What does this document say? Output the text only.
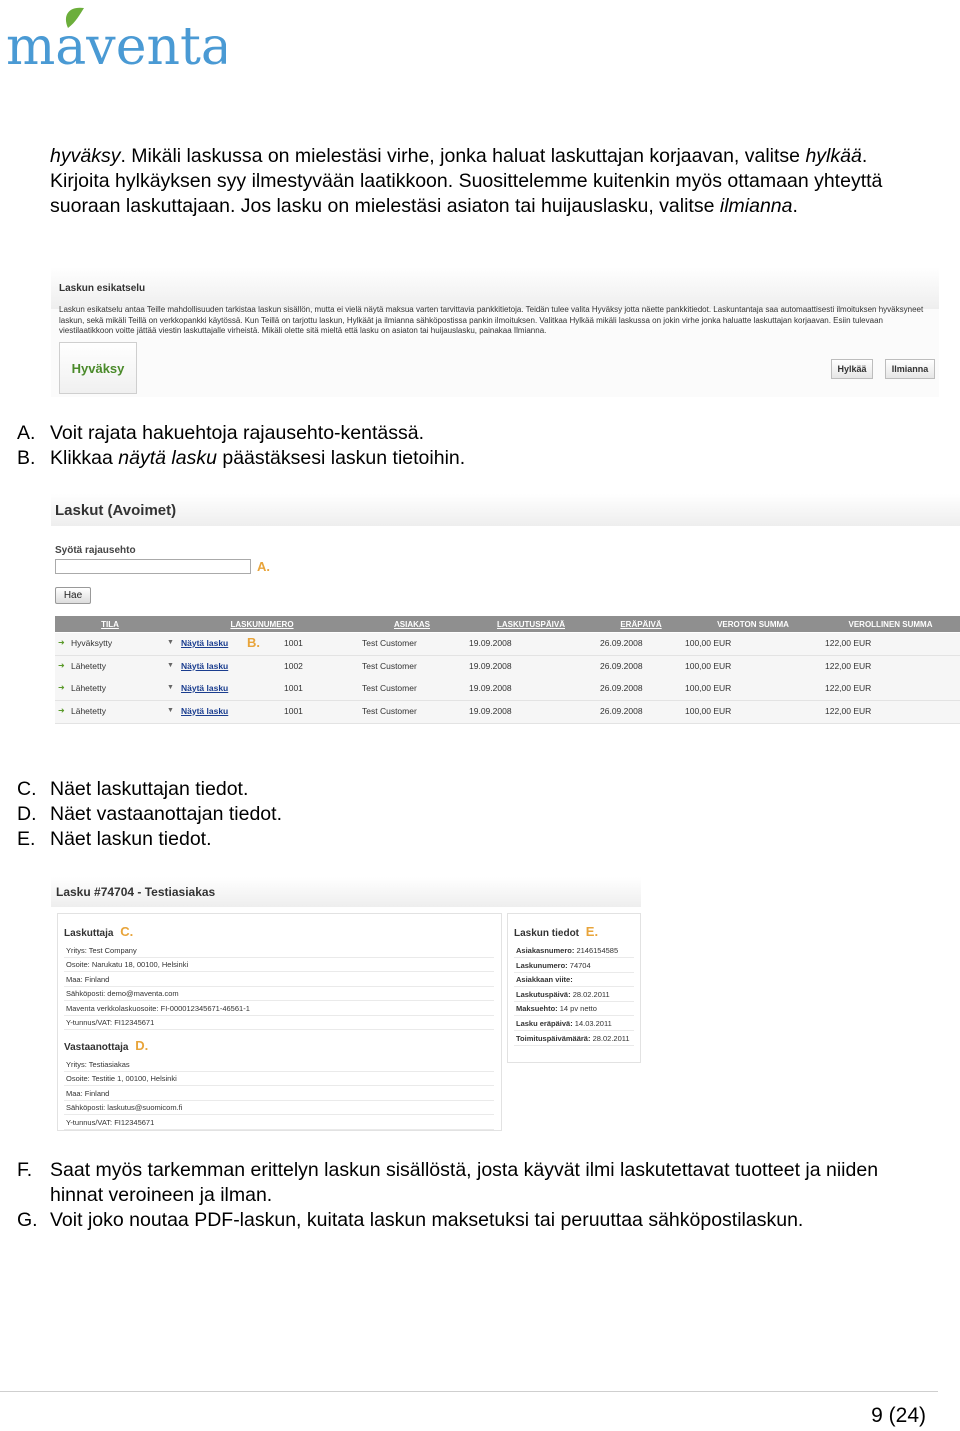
maventa
hyväksy. Mikäli laskussa on mielestäsi virhe, jonka haluat laskuttajan korjaavan, valitse hylkää. Kirjoita hylkäyksen syy ilmestyvään laatikkoon. Suosittelemme kuitenkin myös ottamaan yhteyttä suoraan laskuttajaan. Jos lasku on mielestäsi asiaton tai huijauslasku, valitse ilmianna.
Laskun esikatselu
Laskun esikatselu antaa Teille mahdollisuuden tarkistaa laskun sisällön, mutta ei vielä näytä maksua varten tarvittavia pankkitietoja. Teidän tulee valita Hyväksy jotta näette pankkitiedot. Laskuntantaja saa automaattisesti ilmoituksen hyväksyneet laskun, sekä mikäli Teillä on verkkopankki käytössä. Kun Teillä on tarjottu laskun, Hylkäät ja ilmianna sähköpostissa pankin ilmoituksen. Valitkaa Hylkää mikäli laskussa on jokin virhe jonka haluatte laskuttajan korjaavan. Esiin tulevaan viestilaatikkoon voitte jättää viestin laskuttajalle virheistä. Mikäli olette sitä mieltä että lasku on asiaton tai huijauslasku, painakaa Ilmianna.
Hyväksy	Hylkää	Ilmianna
A. Voit rajata hakuehtoja rajausehto-kentässä.
B. Klikkaa näytä lasku päästäksesi laskun tietoihin.
Laskut (Avoimet)
Syötä rajausehto
A.
Hae
TILA	LASKUNUMERO	ASIAKAS	LASKUTUSPÄIVÄ	ERÄPÄIVÄ	VEROTON SUMMA	VEROLLINEN SUMMA
➜ Hyväksytty	Näytä lasku	1001	Test Customer	19.09.2008	26.09.2008	100,00 EUR	122,00 EUR
▼	B.
➜ Lähetetty	Näytä lasku	1002	Test Customer	19.09.2008	26.09.2008	100,00 EUR	122,00 EUR
▼
➜ Lähetetty	Näytä lasku	1001	Test Customer	19.09.2008	26.09.2008	100,00 EUR	122,00 EUR
▼
➜ Lähetetty	Näytä lasku	1001	Test Customer	19.09.2008	26.09.2008	100,00 EUR	122,00 EUR
▼
C. Näet laskuttajan tiedot.
D. Näet vastaanottajan tiedot.
E. Näet laskun tiedot.
Lasku #74704 - Testiasiakas
Laskuttaja C.
Yritys: Test Company
Osoite: Narukatu 18, 00100, Helsinki
Maa: Finland
Sähköposti: demo@maventa.com
Maventa verkkolaskuosoite: FI-000012345671-46561-1
Y-tunnus/VAT: FI12345671
Vastaanottaja D.
Yritys: Testiasiakas
Osoite: Testitie 1, 00100, Helsinki
Maa: Finland
Sähköposti: laskutus@suomicom.fi
Y-tunnus/VAT: FI12345671
Laskun tiedot E.
Asiakasnumero: 2146154585
Laskunumero: 74704
Asiakkaan viite:
Laskutuspäivä: 28.02.2011
Maksuehto: 14 pv netto
Lasku eräpäivä: 14.03.2011
Toimituspäivämäärä: 28.02.2011
F. Saat myös tarkemman erittelyn laskun sisällöstä, josta käyvät ilmi laskutettavat tuotteet ja niiden hinnat veroineen ja ilman.
G. Voit joko noutaa PDF-laskun, kuitata laskun maksetuksi tai peruuttaa sähköpostilaskun.
9 (24)
